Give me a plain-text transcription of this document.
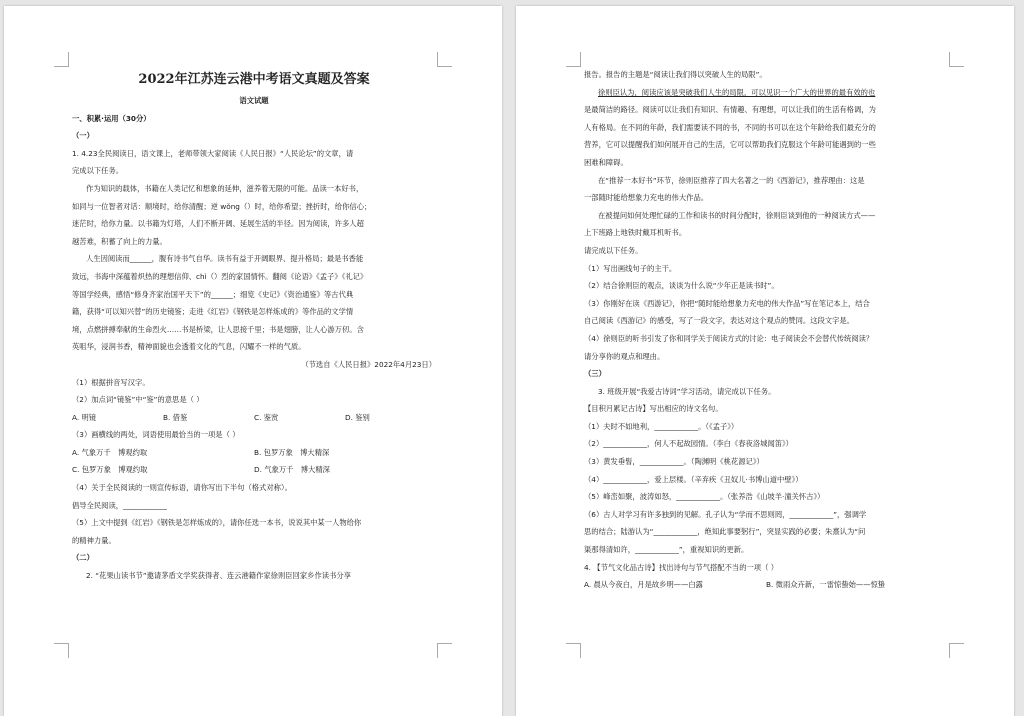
2022年江苏连云港中考语文真题及答案
语文试题
一、积累·运用（30分）
（一）
1. 4.23全民阅读日，语文课上，老师带领大家阅读《人民日报》“人民论坛”的文章，请
完成以下任务。
作为知识的载体，书籍在人类记忆和想象的延伸，滋养着无限的可能。品读一本好书，
如同与一位智者对话：顺境时，给你清醒；逆 wǒng（）时，给你希望；挫折时，给你信心；
迷茫时，给你力量。以书籍为灯塔，人们不断开阔、延展生活的半径。因为阅读，许多人超
越苦难，积蓄了向上的力量。
人生因阅读而______，腹有诗书气自华。读书有益于开阔眼界、提升格局；最是书香能
致远，书海中深蕴着炽热的理想信仰、chì（）烈的家国情怀。翻阅《论语》《孟子》《礼记》
等国学经典，感悟“修身齐家治国平天下”的______；细览《史记》《资治通鉴》等古代典
籍，获得“可以知兴替”的历史镜鉴；走进《红岩》《钢铁是怎样炼成的》等作品的文学情
境，点燃拼搏奉献的生命烈火……书是桥梁，让人思接千里；书是翅膀，让人心游万仞。含
英咀华，浸润书香，精神面貌也会透着文化的气息，闪耀不一样的气质。
（节选自《人民日报》2022年4月23日）
（1）根据拼音写汉字。
（2）加点词“镜鉴”中“鉴”的意思是（ ）
A. 明镜	B. 借鉴	C. 鉴赏	D. 鉴别
（3）画横线的两处，词语使用最恰当的一项是（ ）
A. 气象万千　博观约取	B. 包罗万象　博大精深
C. 包罗万象　博观约取	D. 气象万千　博大精深
（4）关于全民阅读的一则宣传标语，请你写出下半句（格式对称）。
倡导全民阅读，____________
（5）上文中提到《红岩》《钢铁是怎样炼成的》，请你任选一本书，说说其中某一人物给你
的精神力量。
（二）
2. “花果山读书节”邀请茅盾文学奖获得者、连云港籍作家徐则臣回家乡作读书分享
报告。报告的主题是“阅读让我们得以突破人生的局限”。
徐则臣认为，阅读应该是突破我们人生的局限，可以见识一个广大的世界的最有效的也
是最简洁的路径。阅读可以让我们有知识、有情趣、有理想，可以让我们的生活有格调，为
人有格局。在不同的年龄，我们需要读不同的书，不同的书可以在这个年龄给我们最充分的
营养，它可以提醒我们如何展开自己的生活，它可以帮助我们克服这个年龄可能遇到的一些
困难和障碍。
在“推荐一本好书”环节，徐则臣推荐了四大名著之一的《西游记》，推荐理由：这是
一部随时能给想象力充电的伟大作品。
在被提问如何处理忙碌的工作和读书的时间分配时，徐则臣谈到他的一种阅读方式——
上下班路上地铁时戴耳机听书。
请完成以下任务。
（1）写出画线句子的主干。
（2）结合徐则臣的观点，谈谈为什么说“少年正是读书时”。
（3）你刚好在读《西游记》，你把“随时能给想象力充电的伟大作品”写在笔记本上，结合
自己阅读《西游记》的感受，写了一段文字，表达对这个观点的赞同。这段文字是。
（4）徐则臣的听书引发了你和同学关于阅读方式的讨论：电子阅读会不会替代传统阅读？
请分享你的观点和理由。
（三）
3. 班级开展“我爱古诗词”学习活动，请完成以下任务。
【目积月累记古诗】写出相应的诗文名句。
（1）夫时不如地利，____________。（《孟子》）
（2）____________，何人不起故园情。（李白《春夜洛城闻笛》）
（3）黄发垂髫，____________。（陶渊明《桃花源记》）
（4）____________，爱上层楼。（辛弃疾《丑奴儿·书博山道中壁》）
（5）峰峦如聚，波涛如怒，____________。（张养浩《山坡羊·潼关怀古》）
（6）古人对学习有许多独到的见解。孔子认为“学而不思则罔，____________”，强调学
思的结合；陆游认为“____________，绝知此事要躬行”，突显实践的必要；朱熹认为“问
渠那得清如许，____________”，重视知识的更新。
4. 【节气文化品古诗】找出诗句与节气搭配不当的一项（ ）
A. 晨从今夜白，月是故乡明——白露	B. 微雨众卉新，一雷惊蛰始——惊蛰
